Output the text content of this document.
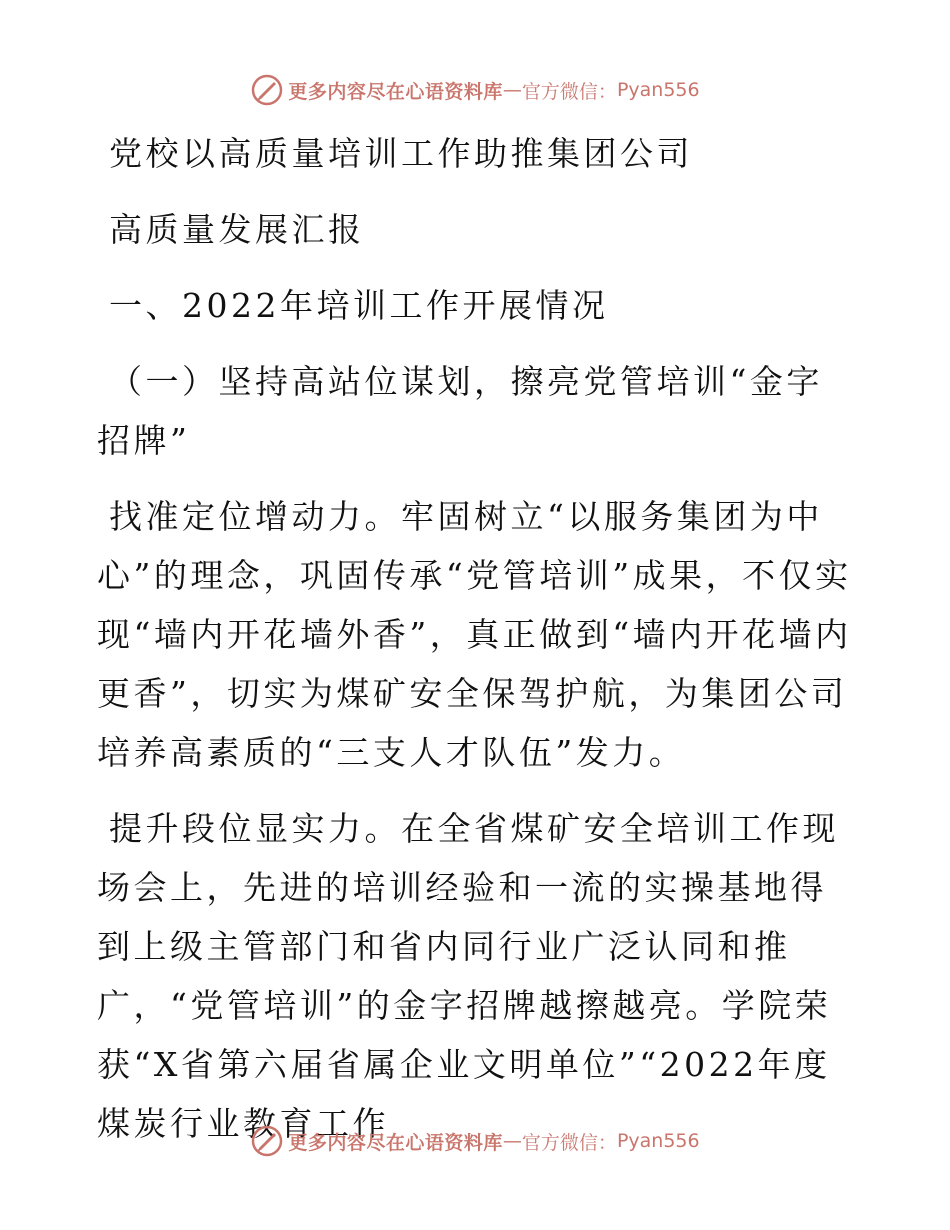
更多内容尽在心语资料库 — 官方微信： Pyan556

党校以高质量培训工作助推集团公司

高质量发展汇报

一、2022年培训工作开展情况

（一）坚持高站位谋划，擦亮党管培训“金字招牌”

找准定位增动力。牢固树立“以服务集团为中心”的理念，巩固传承“党管培训”成果，不仅实现“墙内开花墙外香”，真正做到“墙内开花墙内更香”，切实为煤矿安全保驾护航，为集团公司培养高素质的“三支人才队伍”发力。

提升段位显实力。在全省煤矿安全培训工作现场会上，先进的培训经验和一流的实操基地得到上级主管部门和省内同行业广泛认同和推广，“党管培训”的金字招牌越擦越亮。学院荣获“X省第六届省属企业文明单位”“2022年度煤炭行业教育工作

更多内容尽在心语资料库 — 官方微信： Pyan556
